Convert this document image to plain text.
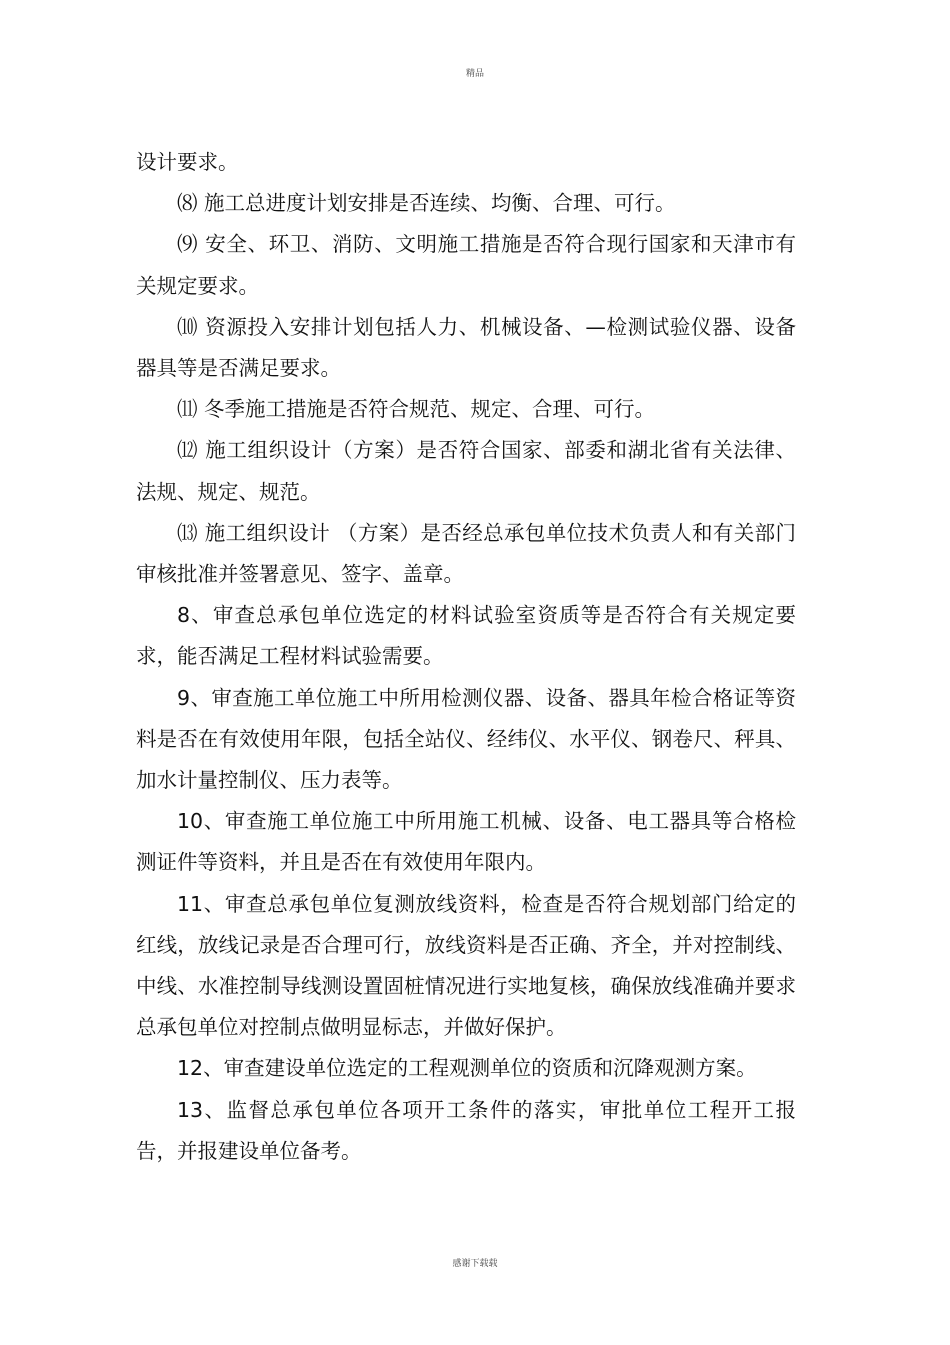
精品

设计要求。

⑻ 施工总进度计划安排是否连续、均衡、合理、可行。

⑼ 安全、环卫、消防、文明施工措施是否符合现行国家和天津市有关规定要求。

⑽ 资源投入安排计划包括人力、机械设备、—检测试验仪器、设备器具等是否满足要求。

⑾ 冬季施工措施是否符合规范、规定、合理、可行。

⑿ 施工组织设计（方案）是否符合国家、部委和湖北省有关法律、法规、规定、规范。

⒀ 施工组织设计 （方案）是否经总承包单位技术负责人和有关部门审核批准并签署意见、签字、盖章。

8、审查总承包单位选定的材料试验室资质等是否符合有关规定要求，能否满足工程材料试验需要。

9、审查施工单位施工中所用检测仪器、设备、器具年检合格证等资料是否在有效使用年限，包括全站仪、经纬仪、水平仪、钢卷尺、秤具、加水计量控制仪、压力表等。

10、审查施工单位施工中所用施工机械、设备、电工器具等合格检测证件等资料，并且是否在有效使用年限内。

11、审查总承包单位复测放线资料，检查是否符合规划部门给定的红线，放线记录是否合理可行，放线资料是否正确、齐全，并对控制线、中线、水准控制导线测设置固桩情况进行实地复核，确保放线准确并要求总承包单位对控制点做明显标志，并做好保护。

12、审查建设单位选定的工程观测单位的资质和沉降观测方案。

13、监督总承包单位各项开工条件的落实，审批单位工程开工报告，并报建设单位备考。

感谢下载载
